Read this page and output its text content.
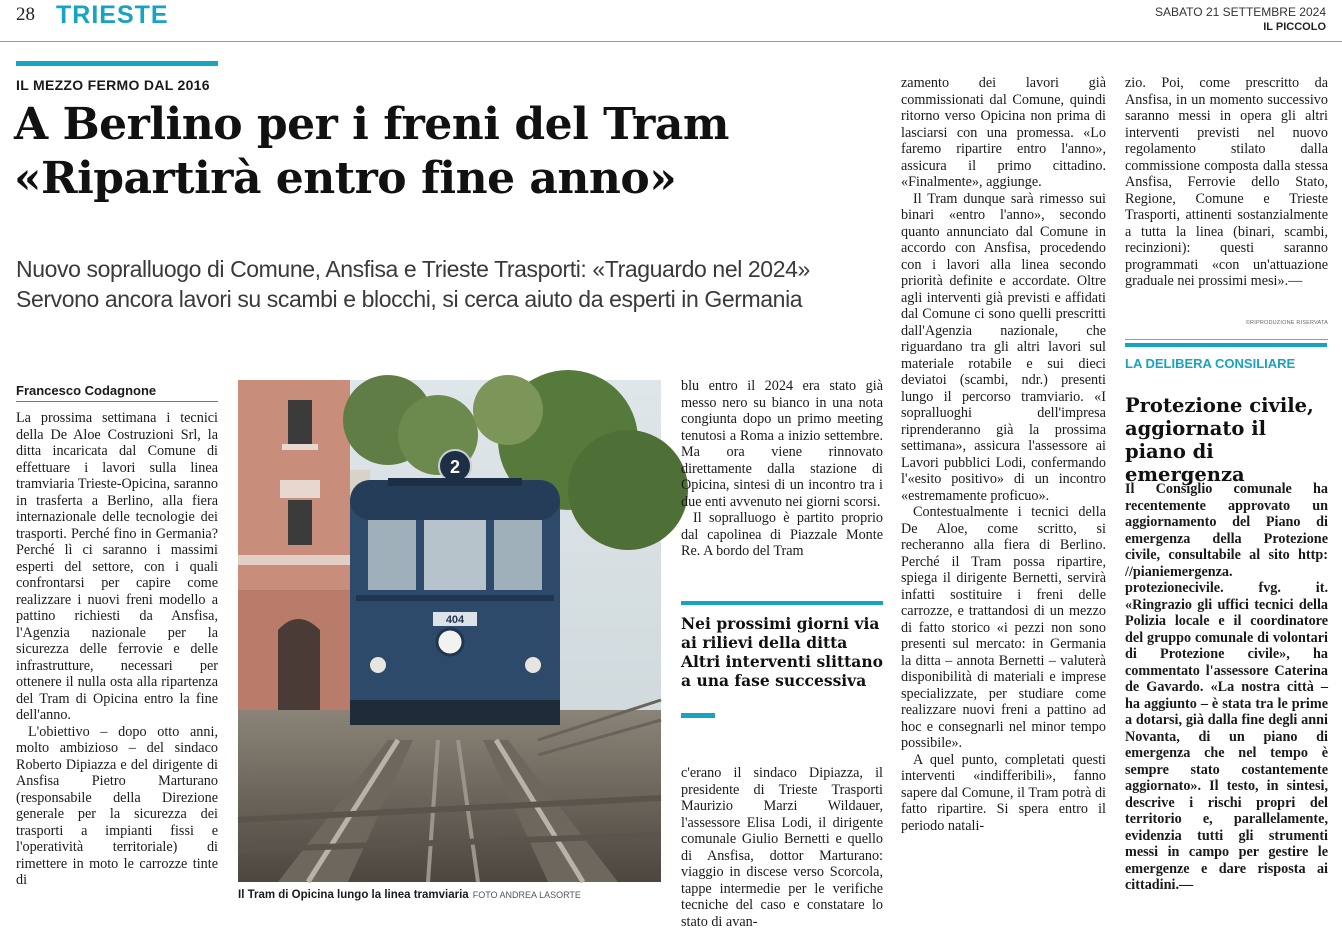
28 TRIESTE	SABATO 21 SETTEMBRE 2024
IL PICCOLO
IL MEZZO FERMO DAL 2016
A Berlino per i freni del Tram
«Ripartirà entro fine anno»
Nuovo sopralluogo di Comune, Ansfisa e Trieste Trasporti: «Traguardo nel 2024»
Servono ancora lavori su scambi e blocchi, si cerca aiuto da esperti in Germania
Francesco Codagnone

La prossima settimana i tecnici della De Aloe Costruzioni Srl, la ditta incaricata dal Comune di effettuare i lavori sulla linea tramviaria Trieste-Opicina, saranno in trasferta a Berlino, alla fiera internazionale delle tecnologie dei trasporti. Perché fino in Germania? Perché lì ci saranno i massimi esperti del settore, con i quali confrontarsi per capire come realizzare i nuovi freni modello a pattino richiesti da Ansfisa, l'Agenzia nazionale per la sicurezza delle ferrovie e delle infrastrutture, necessari per ottenere il nulla osta alla ripartenza del Tram di Opicina entro la fine dell'anno.

L'obiettivo – dopo otto anni, molto ambizioso – del sindaco Roberto Dipiazza e del dirigente di Ansfisa Pietro Marturano (responsabile della Direzione generale per la sicurezza dei trasporti a impianti fissi e l'operatività territoriale) di rimettere in moto le carrozze tinte di

2
404
Il Tram di Opicina lungo la linea tramviaria FOTO ANDREA LASORTE

blu entro il 2024 era stato già messo nero su bianco in una nota congiunta dopo un primo meeting tenutosi a Roma a inizio settembre. Ma ora viene rinnovato direttamente dalla stazione di Opicina, sintesi di un incontro tra i due enti avvenuto nei giorni scorsi.

Il sopralluogo è partito proprio dal capolinea di Piazzale Monte Re. A bordo del Tram

Nei prossimi giorni via ai rilievi della ditta Altri interventi slittano a una fase successiva

c'erano il sindaco Dipiazza, il presidente di Trieste Trasporti Maurizio Marzi Wildauer, l'assessore Elisa Lodi, il dirigente comunale Giulio Bernetti e quello di Ansfisa, dottor Marturano: viaggio in discese verso Scorcola, tappe intermedie per le verifiche tecniche del caso e constatare lo stato di avan-

zamento dei lavori già commissionati dal Comune, quindi ritorno verso Opicina non prima di lasciarsi con una promessa. «Lo faremo ripartire entro l'anno», assicura il primo cittadino. «Finalmente», aggiunge.

Il Tram dunque sarà rimesso sui binari «entro l'anno», secondo quanto annunciato dal Comune in accordo con Ansfisa, procedendo con i lavori alla linea secondo priorità definite e accordate. Oltre agli interventi già previsti e affidati dal Comune ci sono quelli prescritti dall'Agenzia nazionale, che riguardano tra gli altri lavori sul materiale rotabile e sui dieci deviatoi (scambi, ndr.) presenti lungo il percorso tramviario. «I sopralluoghi dell'impresa riprenderanno già la prossima settimana», assicura l'assessore ai Lavori pubblici Lodi, confermando l'«esito positivo» di un incontro «estremamente proficuo».

Contestualmente i tecnici della De Aloe, come scritto, si recheranno alla fiera di Berlino. Perché il Tram possa ripartire, spiega il dirigente Bernetti, servirà infatti sostituire i freni delle carrozze, e trattandosi di un mezzo di fatto storico «i pezzi non sono presenti sul mercato: in Germania la ditta – annota Bernetti – valuterà disponibilità di materiali e imprese specializzate, per studiare come realizzare nuovi freni a pattino ad hoc e consegnarli nel minor tempo possibile».

A quel punto, completati questi interventi «indifferibili», fanno sapere dal Comune, il Tram potrà di fatto ripartire. Si spera entro il periodo natali-

zio. Poi, come prescritto da Ansfisa, in un momento successivo saranno messi in opera gli altri interventi previsti nel nuovo regolamento stilato dalla commissione composta dalla stessa Ansfisa, Ferrovie dello Stato, Regione, Comune e Trieste Trasporti, attinenti sostanzialmente a tutta la linea (binari, scambi, recinzioni): questi saranno programmati «con un'attuazione graduale nei prossimi mesi».—

©RIPRODUZIONE RISERVATA
LA DELIBERA CONSILIARE
Protezione civile, aggiornato il piano di emergenza
Il Consiglio comunale ha recentemente approvato un aggiornamento del Piano di emergenza della Protezione civile, consultabile al sito http: //pianiemergenza. protezionecivile. fvg. it. «Ringrazio gli uffici tecnici della Polizia locale e il coordinatore del gruppo comunale di volontari di Protezione civile», ha commentato l'assessore Caterina de Gavardo. «La nostra città – ha aggiunto – è stata tra le prime a dotarsi, già dalla fine degli anni Novanta, di un piano di emergenza che nel tempo è sempre stato costantemente aggiornato». Il testo, in sintesi, descrive i rischi propri del territorio e, parallelamente, evidenzia tutti gli strumenti messi in campo per gestire le emergenze e dare risposta ai cittadini.—
